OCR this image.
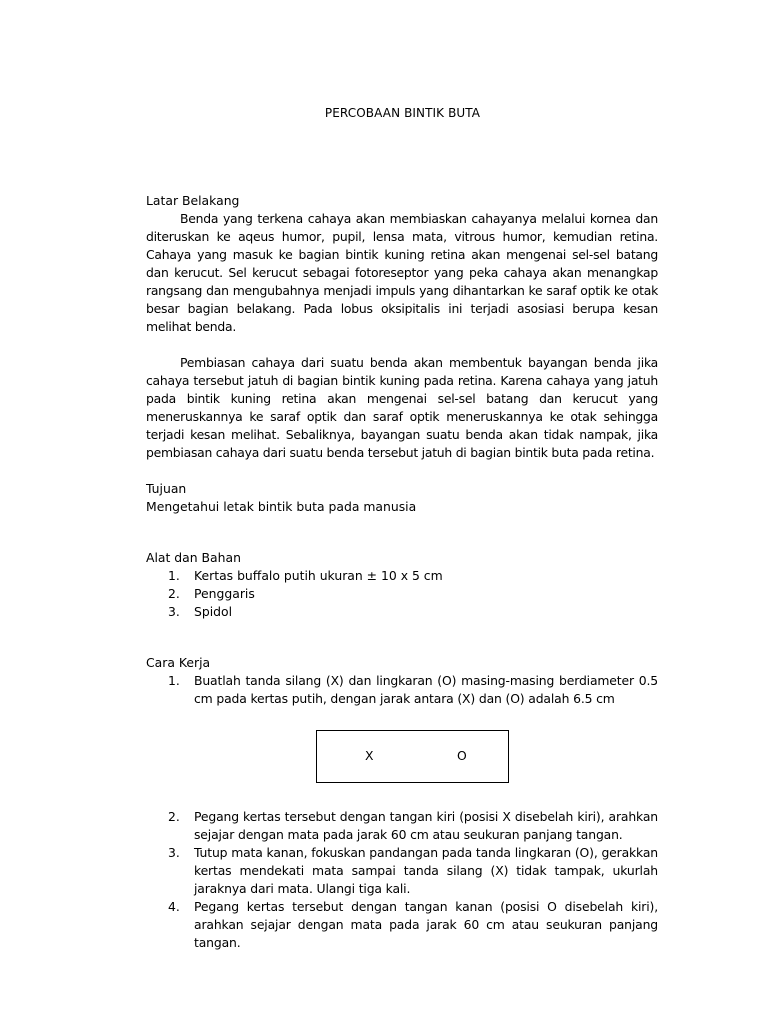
PERCOBAAN BINTIK BUTA

Latar Belakang

Benda yang terkena cahaya akan membiaskan cahayanya melalui kornea dan diteruskan ke aqeus humor, pupil, lensa mata, vitrous humor, kemudian retina. Cahaya yang masuk ke bagian bintik kuning retina akan mengenai sel-sel batang dan kerucut. Sel kerucut sebagai fotoreseptor yang peka cahaya akan menangkap rangsang dan mengubahnya menjadi impuls yang dihantarkan ke saraf optik ke otak besar bagian belakang. Pada lobus oksipitalis ini terjadi asosiasi berupa kesan melihat benda.

Pembiasan cahaya dari suatu benda akan membentuk bayangan benda jika cahaya tersebut jatuh di bagian bintik kuning pada retina. Karena cahaya yang jatuh pada bintik kuning retina akan mengenai sel-sel batang dan kerucut yang meneruskannya ke saraf optik dan saraf optik meneruskannya ke otak sehingga terjadi kesan melihat. Sebaliknya, bayangan suatu benda akan tidak nampak, jika pembiasan cahaya dari suatu benda tersebut jatuh di bagian bintik buta pada retina.

Tujuan

Mengetahui letak bintik buta pada manusia

Alat dan Bahan

1. Kertas buffalo putih ukuran ± 10 x 5 cm
2. Penggaris
3. Spidol

Cara Kerja

1. Buatlah tanda silang (X) dan lingkaran (O) masing-masing berdiameter 0.5 cm pada kertas putih, dengan jarak antara (X) dan (O) adalah 6.5 cm
X	O
2. Pegang kertas tersebut dengan tangan kiri (posisi X disebelah kiri), arahkan sejajar dengan mata pada jarak 60 cm atau seukuran panjang tangan.
3. Tutup mata kanan, fokuskan pandangan pada tanda lingkaran (O), gerakkan kertas mendekati mata sampai tanda silang (X) tidak tampak, ukurlah jaraknya dari mata. Ulangi tiga kali.
4. Pegang kertas tersebut dengan tangan kanan (posisi O disebelah kiri), arahkan sejajar dengan mata pada jarak 60 cm atau seukuran panjang tangan.
